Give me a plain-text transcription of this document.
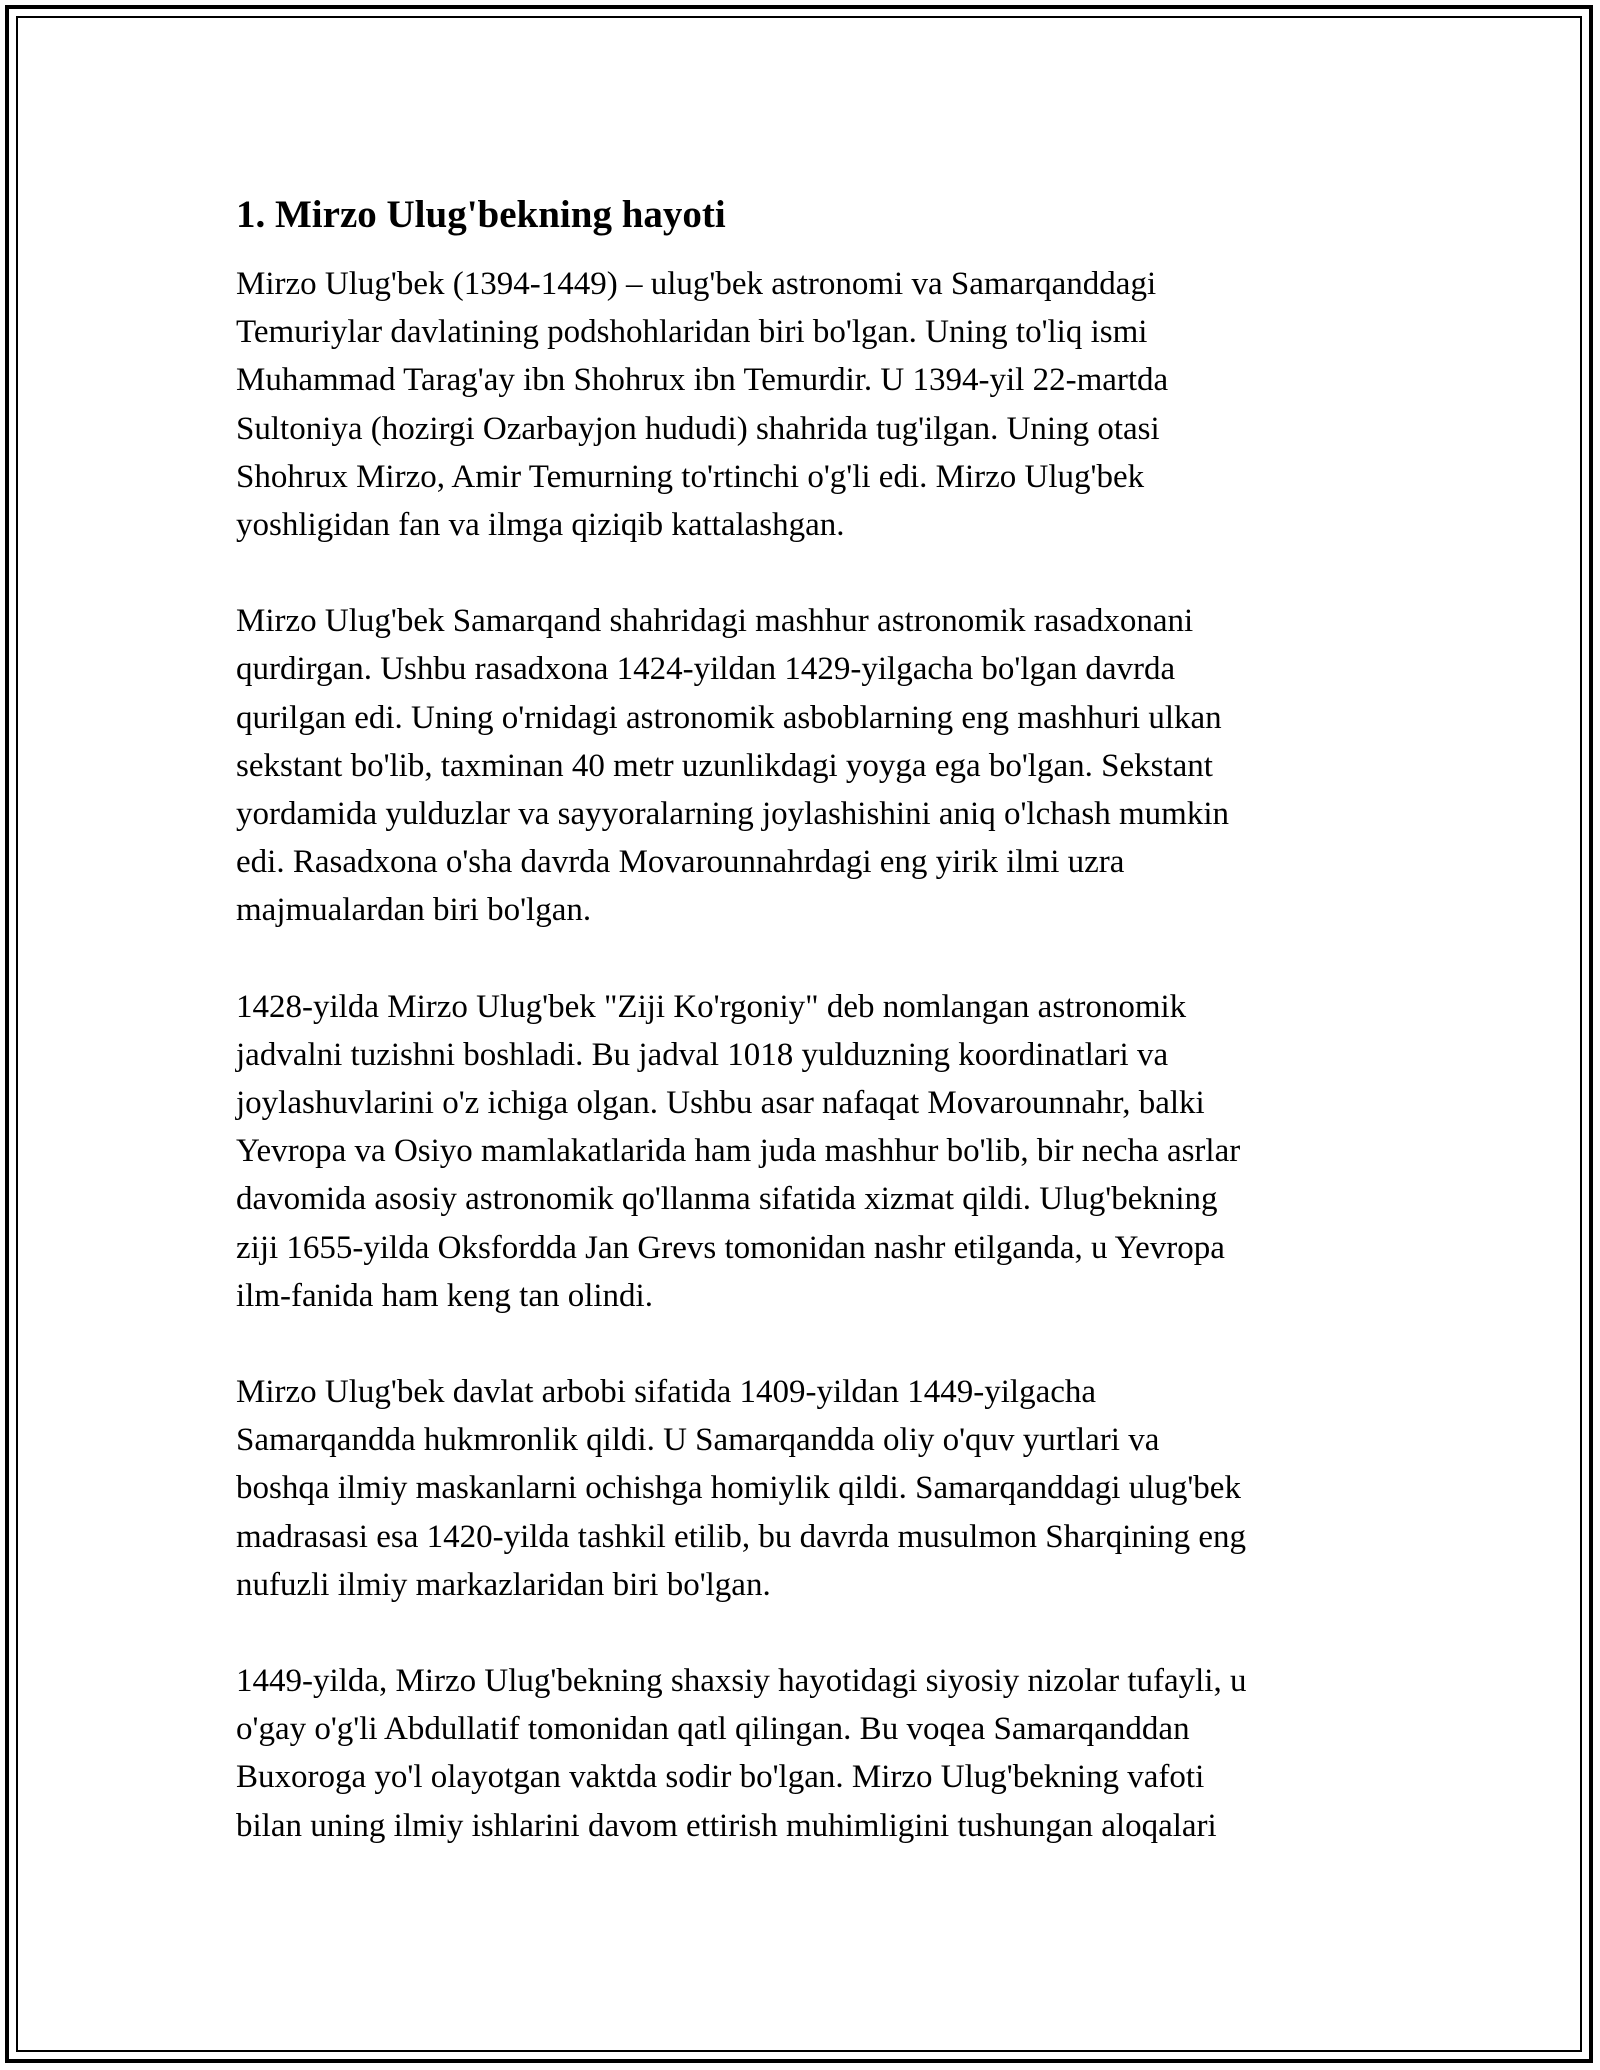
1. Mirzo Ulug'bekning hayoti
Mirzo Ulug'bek (1394-1449) – ulug'bek astronomi va Samarqanddagi
Temuriylar davlatining podshohlaridan biri bo'lgan. Uning to'liq ismi
Muhammad Tarag'ay ibn Shohrux ibn Temurdir. U 1394-yil 22-martda
Sultoniya (hozirgi Ozarbayjon hududi) shahrida tug'ilgan. Uning otasi
Shohrux Mirzo, Amir Temurning to'rtinchi o'g'li edi. Mirzo Ulug'bek
yoshligidan fan va ilmga qiziqib kattalashgan.
Mirzo Ulug'bek Samarqand shahridagi mashhur astronomik rasadxonani
qurdirgan. Ushbu rasadxona 1424-yildan 1429-yilgacha bo'lgan davrda
qurilgan edi. Uning o'rnidagi astronomik asboblarning eng mashhuri ulkan
sekstant bo'lib, taxminan 40 metr uzunlikdagi yoyga ega bo'lgan. Sekstant
yordamida yulduzlar va sayyoralarning joylashishini aniq o'lchash mumkin
edi. Rasadxona o'sha davrda Movarounnahrdagi eng yirik ilmi uzra
majmualardan biri bo'lgan.
1428-yilda Mirzo Ulug'bek "Ziji Ko'rgoniy" deb nomlangan astronomik
jadvalni tuzishni boshladi. Bu jadval 1018 yulduzning koordinatlari va
joylashuvlarini o'z ichiga olgan. Ushbu asar nafaqat Movarounnahr, balki
Yevropa va Osiyo mamlakatlarida ham juda mashhur bo'lib, bir necha asrlar
davomida asosiy astronomik qo'llanma sifatida xizmat qildi. Ulug'bekning
ziji 1655-yilda Oksfordda Jan Grevs tomonidan nashr etilganda, u Yevropa
ilm-fanida ham keng tan olindi.
Mirzo Ulug'bek davlat arbobi sifatida 1409-yildan 1449-yilgacha
Samarqandda hukmronlik qildi. U Samarqandda oliy o'quv yurtlari va
boshqa ilmiy maskanlarni ochishga homiylik qildi. Samarqanddagi ulug'bek
madrasasi esa 1420-yilda tashkil etilib, bu davrda musulmon Sharqining eng
nufuzli ilmiy markazlaridan biri bo'lgan.
1449-yilda, Mirzo Ulug'bekning shaxsiy hayotidagi siyosiy nizolar tufayli, u
o'gay o'g'li Abdullatif tomonidan qatl qilingan. Bu voqea Samarqanddan
Buxoroga yo'l olayotgan vaktda sodir bo'lgan. Mirzo Ulug'bekning vafoti
bilan uning ilmiy ishlarini davom ettirish muhimligini tushungan aloqalari
